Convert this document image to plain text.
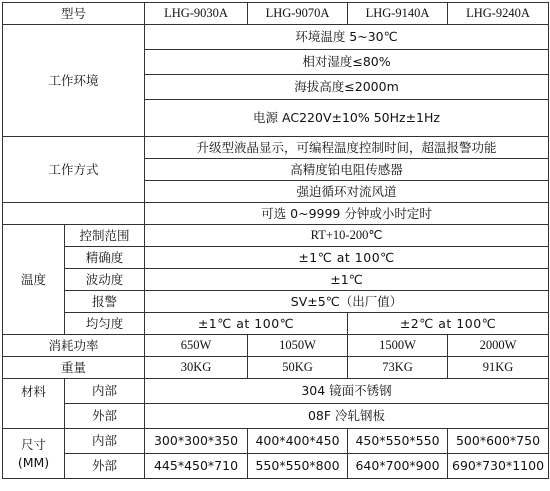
型号		LHG-9030A	LHG-9070A	LHG-9140A	LHG-9240A
工作环境		环境温度 5~30℃			
		相对湿度≤80%			
		海拔高度≤2000m			
		电源 AC220V±10% 50Hz±1Hz			
工作方式		升级型液晶显示，可编程温度控制时间，超温报警功能			
		高精度铂电阻传感器			
		强迫循环对流风道			
		可选 0~9999 分钟或小时定时			
温度	控制范围	RT+10-200℃			
	精确度	±1℃ at 100℃			
	波动度	±1℃			
	报警	SV±5℃（出厂值）			
	均匀度	±1℃ at 100℃		±2℃ at 100℃	
消耗功率		650W	1050W	1500W	2000W
重量		30KG	50KG	73KG	91KG
材料	内部	304 镜面不锈钢			
	外部	08F 冷轧钢板			

尺寸
(MM)	内部	300*300*350	400*400*450	450*550*550	500*600*750
	外部	445*450*710	550*550*800	640*700*900	690*730*1100
